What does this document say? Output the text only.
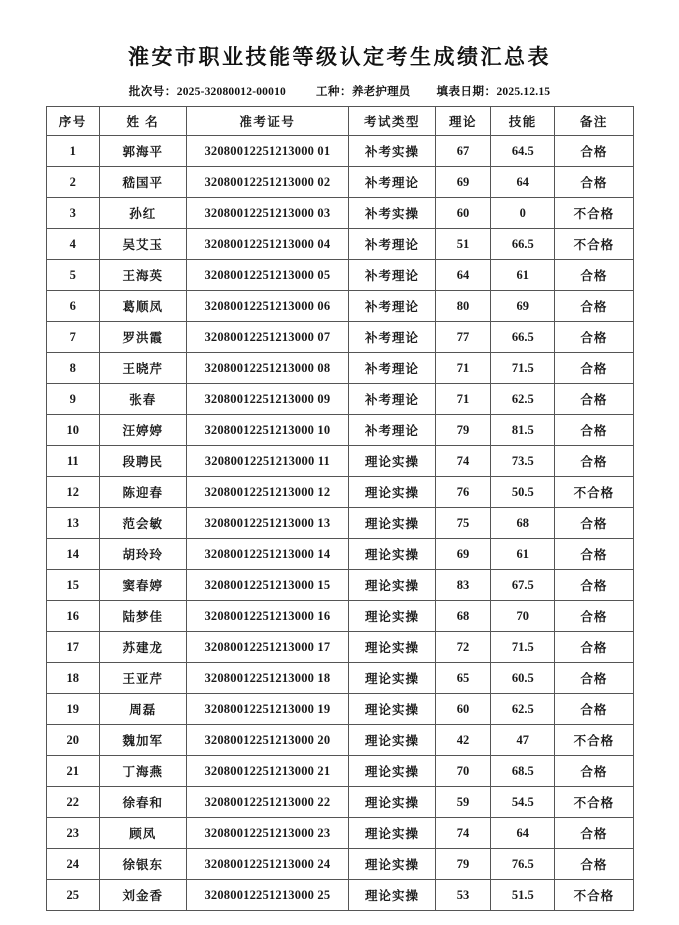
淮安市职业技能等级认定考生成绩汇总表
批次号：2025-32080012-00010	工种：养老护理员 填表日期：2025.12.15
序号	姓 名	准考证号	考试类型	理论	技能	备注
1	郭海平	32080012251213000 01	补考实操	67	64.5	合格
2	嵇国平	32080012251213000 02	补考理论	69	64	合格
3	孙红	32080012251213000 03	补考实操	60	0	不合格
4	吴艾玉	32080012251213000 04	补考理论	51	66.5	不合格
5	王海英	32080012251213000 05	补考理论	64	61	合格
6	葛顺凤	32080012251213000 06	补考理论	80	69	合格
7	罗洪霞	32080012251213000 07	补考理论	77	66.5	合格
8	王晓芹	32080012251213000 08	补考理论	71	71.5	合格
9	张春	32080012251213000 09	补考理论	71	62.5	合格
10	汪婷婷	32080012251213000 10	补考理论	79	81.5	合格
11	段聘民	32080012251213000 11	理论实操	74	73.5	合格
12	陈迎春	32080012251213000 12	理论实操	76	50.5	不合格
13	范会敏	32080012251213000 13	理论实操	75	68	合格
14	胡玲玲	32080012251213000 14	理论实操	69	61	合格
15	窦春婷	32080012251213000 15	理论实操	83	67.5	合格
16	陆梦佳	32080012251213000 16	理论实操	68	70	合格
17	苏建龙	32080012251213000 17	理论实操	72	71.5	合格
18	王亚芹	32080012251213000 18	理论实操	65	60.5	合格
19	周磊	32080012251213000 19	理论实操	60	62.5	合格
20	魏加军	32080012251213000 20	理论实操	42	47	不合格
21	丁海燕	32080012251213000 21	理论实操	70	68.5	合格
22	徐春和	32080012251213000 22	理论实操	59	54.5	不合格
23	顾凤	32080012251213000 23	理论实操	74	64	合格
24	徐银东	32080012251213000 24	理论实操	79	76.5	合格
25	刘金香	32080012251213000 25	理论实操	53	51.5	不合格
